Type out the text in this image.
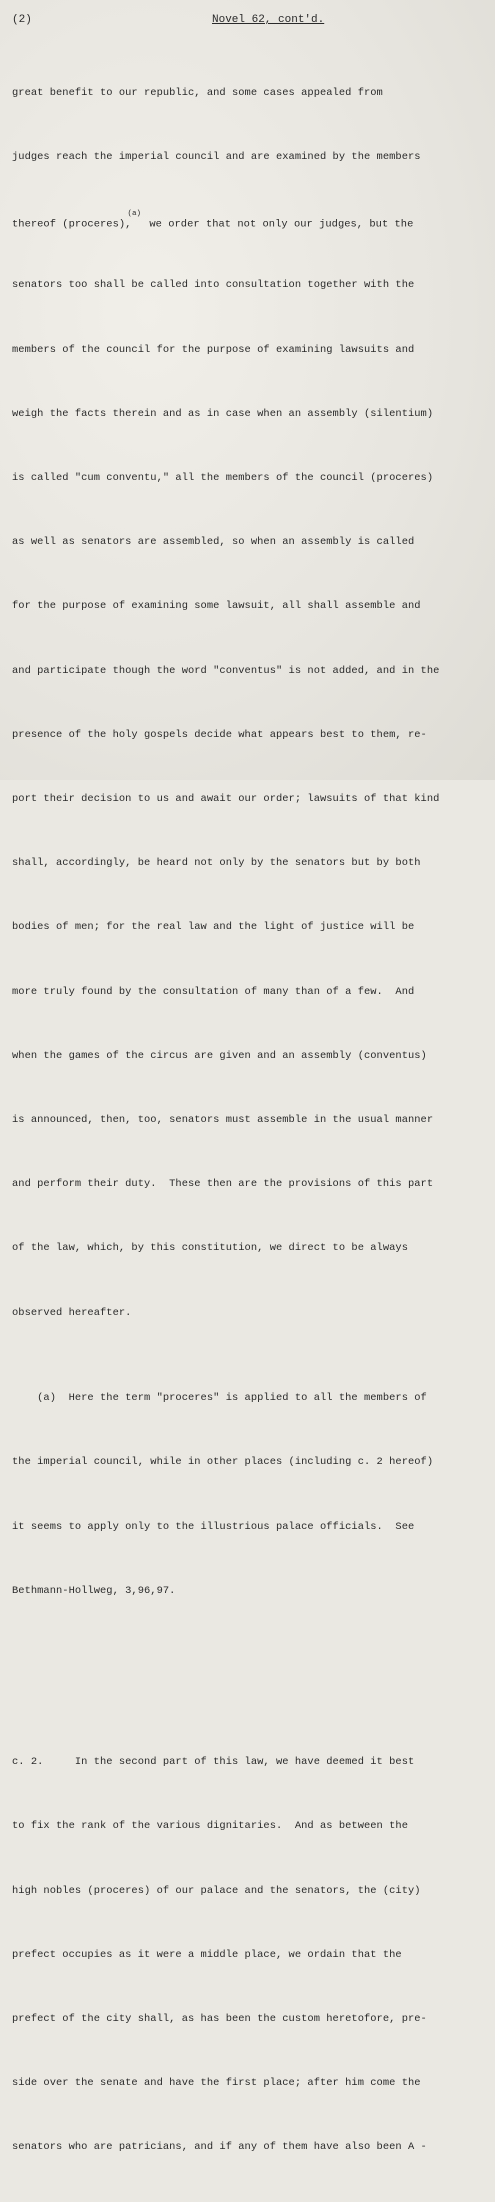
(2)	Novel 62, cont'd.

great benefit to our republic, and some cases appealed from

judges reach the imperial council and are examined by the members

thereof (proceres),$^{(a)}$ we order that not only our judges, but the

senators too shall be called into consultation together with the

members of the council for the purpose of examining lawsuits and

weigh the facts therein and as in case when an assembly (silentium)

is called "cum conventu," all the members of the council (proceres)

as well as senators are assembled, so when an assembly is called

for the purpose of examining some lawsuit, all shall assemble and

and participate though the word "conventus" is not added, and in the

presence of the holy gospels decide what appears best to them, re-

port their decision to us and await our order; lawsuits of that kind

shall, accordingly, be heard not only by the senators but by both

bodies of men; for the real law and the light of justice will be

more truly found by the consultation of many than of a few.  And

when the games of the circus are given and an assembly (conventus)

is announced, then, too, senators must assemble in the usual manner

and perform their duty.  These then are the provisions of this part

of the law, which, by this constitution, we direct to be always

observed hereafter.

(a)  Here the term "proceres" is applied to all the members of

the imperial council, while in other places (including c. 2 hereof)

it seems to apply only to the illustrious palace officials.  See

Bethmann-Hollweg, 3,96,97.

c. 2.     In the second part of this law, we have deemed it best

to fix the rank of the various dignitaries.  And as between the

high nobles (proceres) of our palace and the senators, the (city)

prefect occupies as it were a middle place, we ordain that the

prefect of the city shall, as has been the custom heretofore, pre-

side over the senate and have the first place; after him come the

senators who are patricians, and if any of them have also been A -
